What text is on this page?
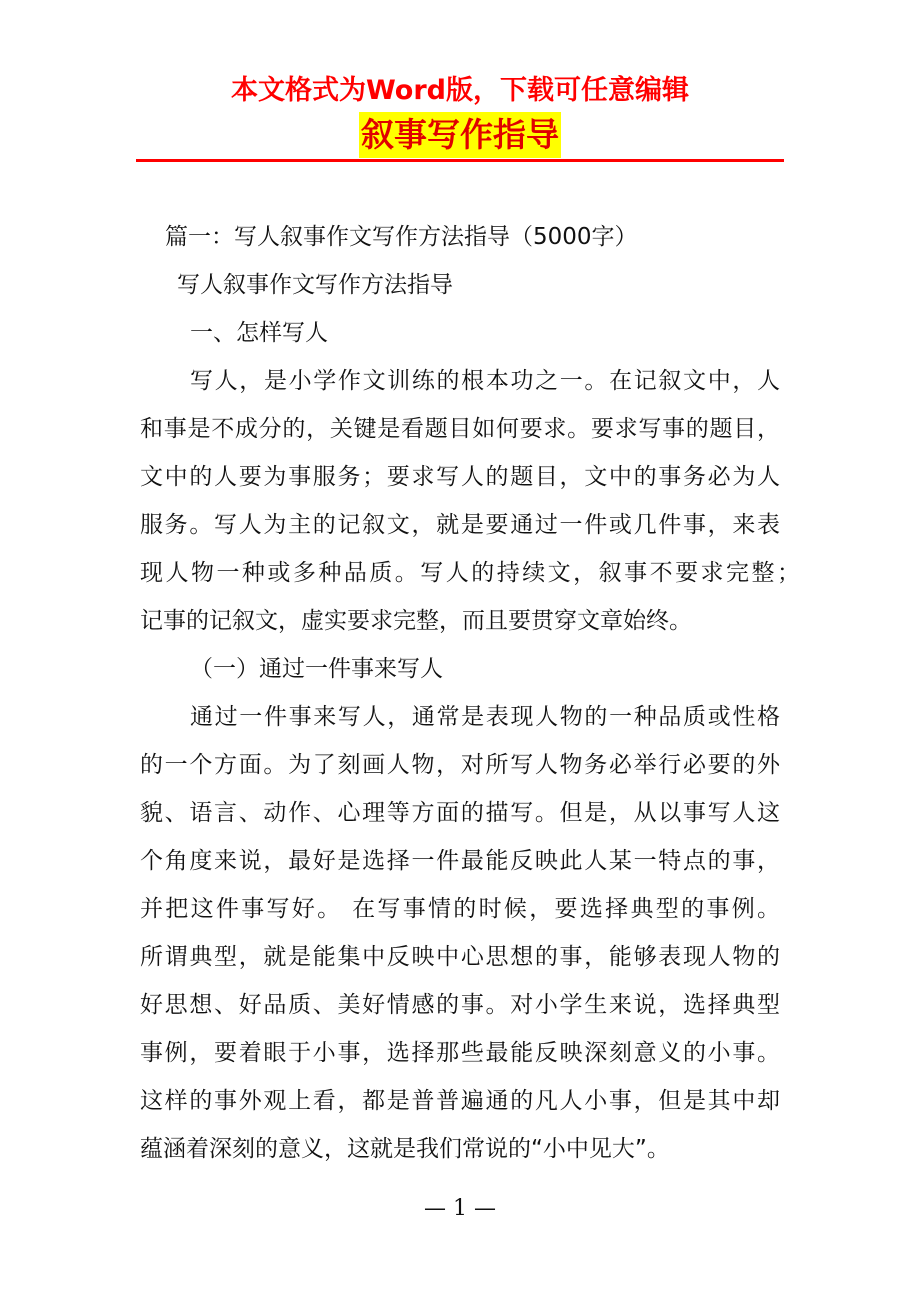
本文格式为Word版，下载可任意编辑
叙事写作指导
篇一：写人叙事作文写作方法指导（5000字）
写人叙事作文写作方法指导
一、怎样写人
写人，是小学作文训练的根本功之一。在记叙文中，人
和事是不成分的，关键是看题目如何要求。要求写事的题目，
文中的人要为事服务；要求写人的题目，文中的事务必为人
服务。写人为主的记叙文，就是要通过一件或几件事，来表
现人物一种或多种品质。写人的持续文，叙事不要求完整；
记事的记叙文，虚实要求完整，而且要贯穿文章始终。
（一）通过一件事来写人
通过一件事来写人，通常是表现人物的一种品质或性格
的一个方面。为了刻画人物，对所写人物务必举行必要的外
貌、语言、动作、心理等方面的描写。但是，从以事写人这
个角度来说，最好是选择一件最能反映此人某一特点的事，
并把这件事写好。 在写事情的时候，要选择典型的事例。
所谓典型，就是能集中反映中心思想的事，能够表现人物的
好思想、好品质、美好情感的事。对小学生来说，选择典型
事例，要着眼于小事，选择那些最能反映深刻意义的小事。
这样的事外观上看，都是普普遍通的凡人小事，但是其中却
蕴涵着深刻的意义，这就是我们常说的“小中见大”。
— 1 —
